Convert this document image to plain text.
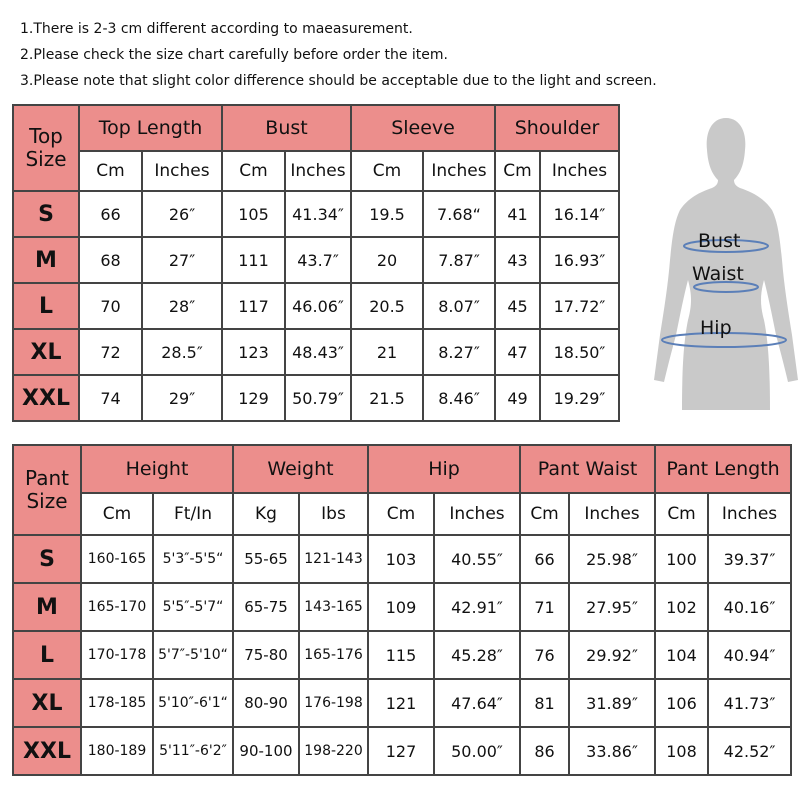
1.There is 2-3 cm different according to maeasurement.
2.Please check the size chart carefully before order the item.
3.Please note that slight color difference should be acceptable due to the light and screen.
Top
Size	Top Length		Bust		Sleeve		Shoulder	
	Cm	Inches	Cm	Inches	Cm	Inches	Cm	Inches
S	66	26″	105	41.34″	19.5	7.68“	41	16.14″
M	68	27″	111	43.7″	20	7.87″	43	16.93″
L	70	28″	117	46.06″	20.5	8.07″	45	17.72″
XL	72	28.5″	123	48.43″	21	8.27″	47	18.50″
XXL	74	29″	129	50.79″	21.5	8.46″	49	19.29″
Bust
Waist
Hip
Pant
Size	Height		Weight		Hip		Pant Waist		Pant Length	
	Cm	Ft/In	Kg	Ibs	Cm	Inches	Cm	Inches	Cm	Inches
S	160-165	5'3″-5'5“	55-65	121-143	103	40.55″	66	25.98″	100	39.37″
M	165-170	5'5″-5'7“	65-75	143-165	109	42.91″	71	27.95″	102	40.16″
L	170-178	5'7″-5'10“	75-80	165-176	115	45.28″	76	29.92″	104	40.94″
XL	178-185	5'10″-6'1“	80-90	176-198	121	47.64″	81	31.89″	106	41.73″
XXL	180-189	5'11″-6'2″	90-100	198-220	127	50.00″	86	33.86″	108	42.52″
